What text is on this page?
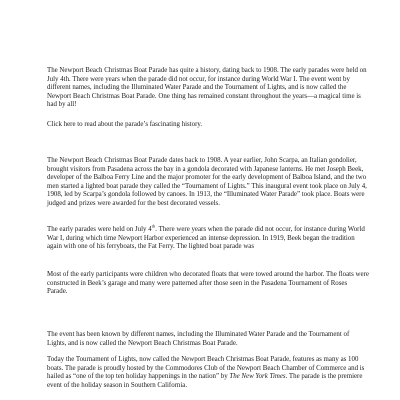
The Newport Beach Christmas Boat Parade has quite a history, dating back to 1908. The early parades were held on July 4th. There were years when the parade did not occur, for instance during World War I. The event went by different names, including the Illuminated Water Parade and the Tournament of Lights, and is now called the Newport Beach Christmas Boat Parade. One thing has remained constant throughout the years—a magical time is had by all!

Click here to read about the parade’s fascinating history.

The Newport Beach Christmas Boat Parade dates back to 1908. A year earlier, John Scarpa, an Italian gondolier, brought visitors from Pasadena across the bay in a gondola decorated with Japanese lanterns. He met Joseph Beek, developer of the Balboa Ferry Line and the major promoter for the early development of Balboa Island, and the two men started a lighted boat parade they called the “Tournament of Lights.” This inaugural event took place on July 4, 1908, led by Scarpa’s gondola followed by canoes. In 1913, the “Illuminated Water Parade” took place. Boats were judged and prizes were awarded for the best decorated vessels.

The early parades were held on July 4th. There were years when the parade did not occur, for instance during World War I, during which time Newport Harbor experienced an intense depression. In 1919, Beek began the tradition again with one of his ferryboats, the Fat Ferry. The lighted boat parade was

Most of the early participants were children who decorated floats that were towed around the harbor. The floats were constructed in Beek’s garage and many were patterned after those seen in the Pasadena Tournament of Roses Parade.

The event has been known by different names, including the Illuminated Water Parade and the Tournament of Lights, and is now called the Newport Beach Christmas Boat Parade.

Today the Tournament of Lights, now called the Newport Beach Christmas Boat Parade, features as many as 100 boats. The parade is proudly hosted by the Commodores Club of the Newport Beach Chamber of Commerce and is hailed as “one of the top ten holiday happenings in the nation” by The New York Times. The parade is the premiere event of the holiday season in Southern California.
